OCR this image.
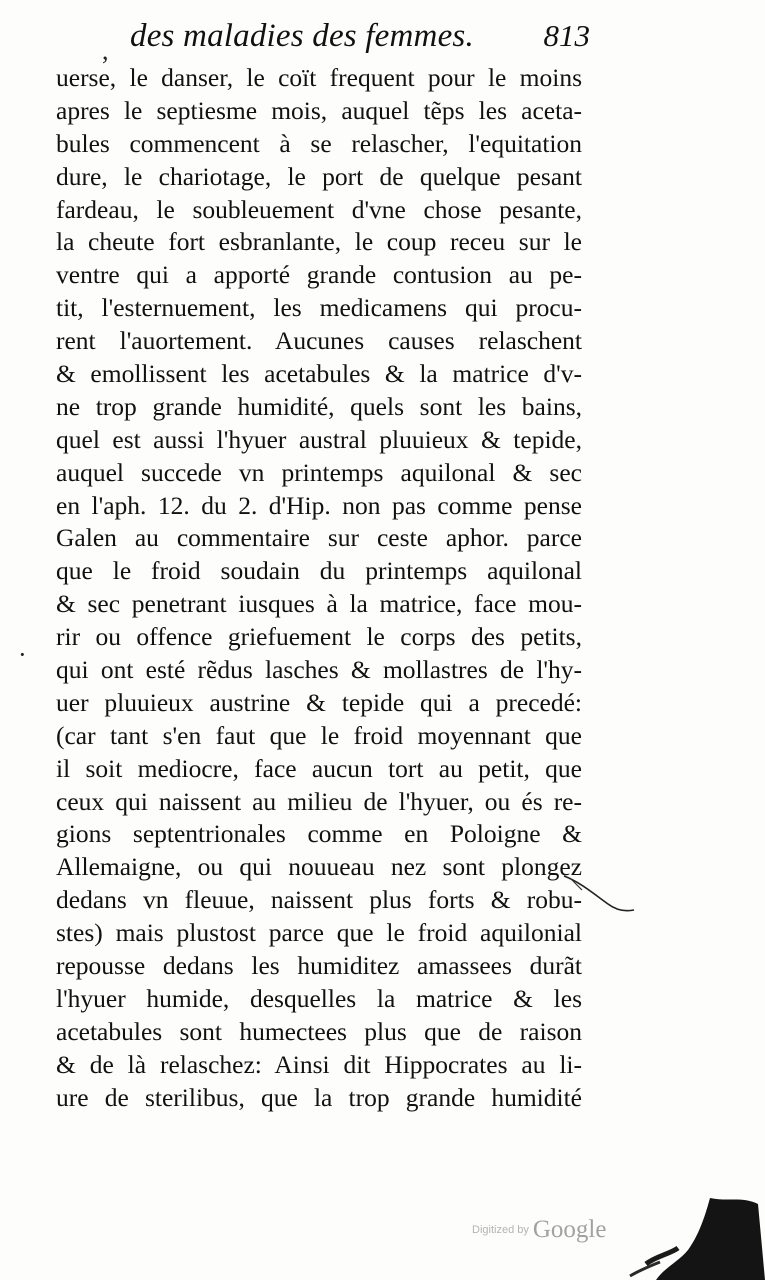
des maladies des femmes. 813
,
·
uerse, le danser, le coït frequent pour le moins
apres le septiesme mois, auquel tẽps les aceta-
bules commencent à se relascher, l'equitation
dure, le chariotage, le port de quelque pesant
fardeau, le soubleuement d'vne chose pesante,
la cheute fort esbranlante, le coup receu sur le
ventre qui a apporté grande contusion au pe-
tit, l'esternuement, les medicamens qui procu-
rent l'auortement. Aucunes causes relaschent
& emollissent les acetabules & la matrice d'v-
ne trop grande humidité, quels sont les bains,
quel est aussi l'hyuer austral pluuieux & tepide,
auquel succede vn printemps aquilonal & sec
en l'aph. 12. du 2. d'Hip. non pas comme pense
Galen au commentaire sur ceste aphor. parce
que le froid soudain du printemps aquilonal
& sec penetrant iusques à la matrice, face mou-
rir ou offence griefuement le corps des petits,
qui ont esté rẽdus lasches & mollastres de l'hy-
uer pluuieux austrine & tepide qui a precedé:
(car tant s'en faut que le froid moyennant que
il soit mediocre, face aucun tort au petit, que
ceux qui naissent au milieu de l'hyuer, ou és re-
gions septentrionales comme en Poloigne &
Allemaigne, ou qui nouueau nez sont plongez
dedans vn fleuue, naissent plus forts & robu-
stes) mais plustost parce que le froid aquilonial
repousse dedans les humiditez amassees durãt
l'hyuer humide, desquelles la matrice & les
acetabules sont humectees plus que de raison
& de là relaschez: Ainsi dit Hippocrates au li-
ure de sterilibus, que la trop grande humidité
Digitized by Google
